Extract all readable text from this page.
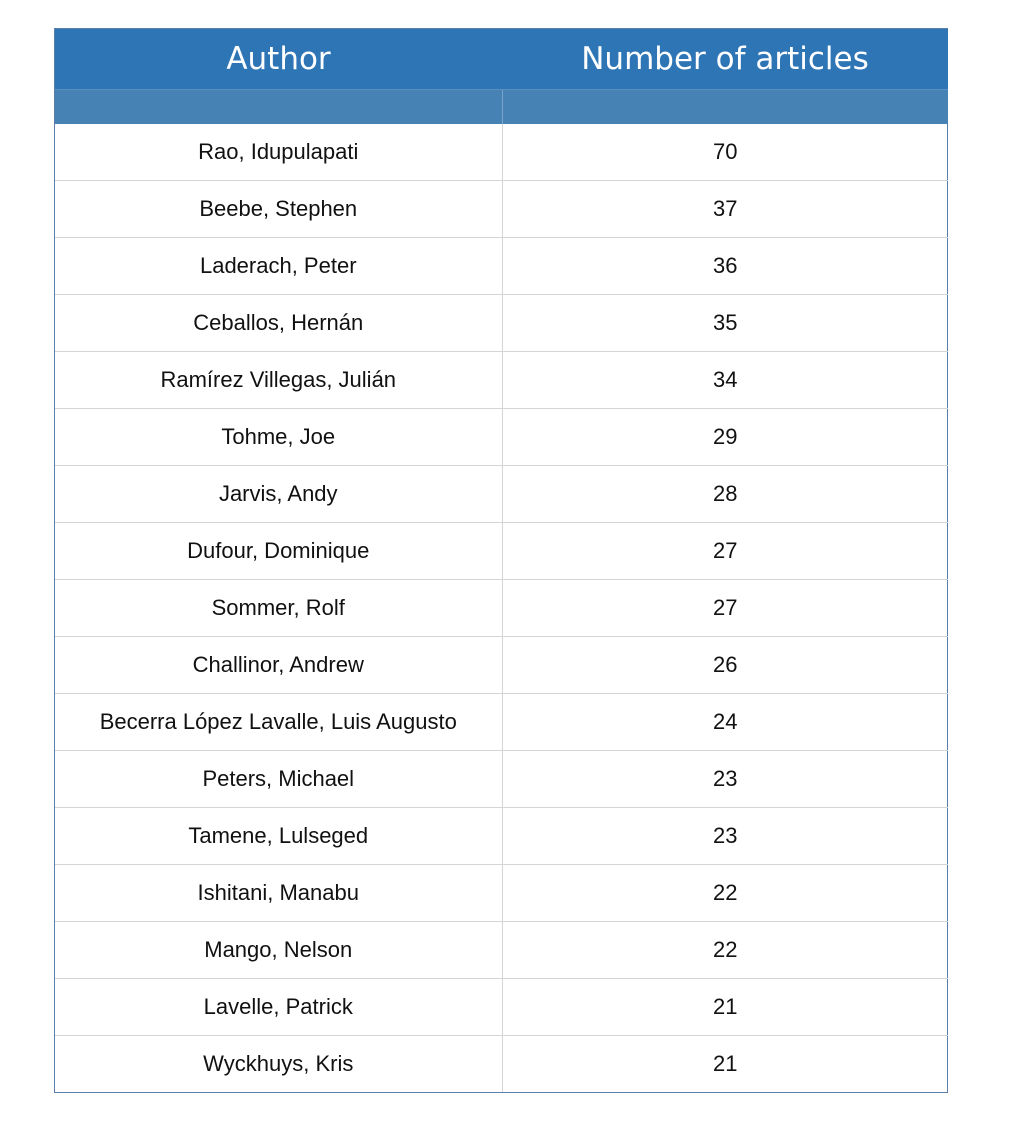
Author	Number of articles

Rao, Idupulapati	70
Beebe, Stephen	37
Laderach, Peter	36
Ceballos, Hernán	35
Ramírez Villegas, Julián	34
Tohme, Joe	29
Jarvis, Andy	28
Dufour, Dominique	27
Sommer, Rolf	27
Challinor, Andrew	26
Becerra López Lavalle, Luis Augusto	24
Peters, Michael	23
Tamene, Lulseged	23
Ishitani, Manabu	22
Mango, Nelson	22
Lavelle, Patrick	21
Wyckhuys, Kris	21
